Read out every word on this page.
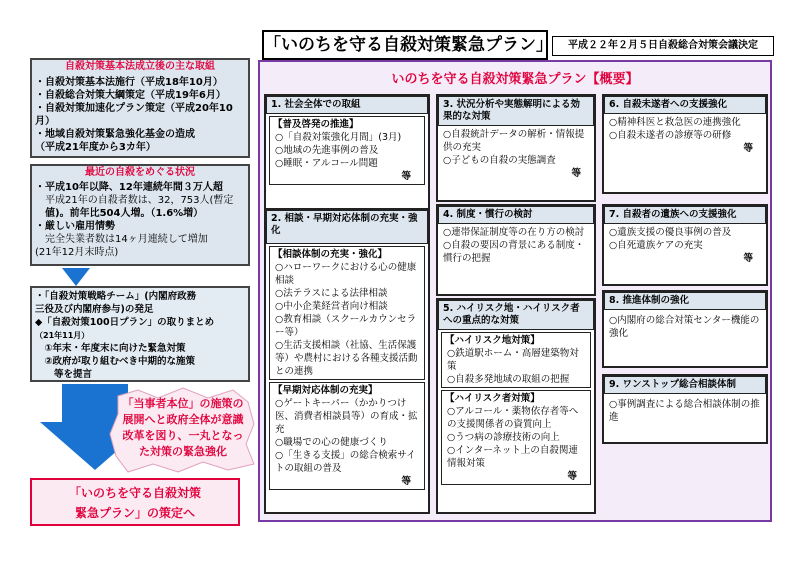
「いのちを守る自殺対策緊急プラン」	平成２２年２月５日自殺総合対策会議決定
自殺対策基本法成立後の主な取組
・自殺対策基本法施行（平成18年10月）
・自殺総合対策大綱策定（平成19年6月）
・自殺対策加速化プラン策定（平成20年10月）
・地域自殺対策緊急強化基金の造成
（平成21年度から3カ年）
最近の自殺をめぐる状況
・平成10年以降、12年連続年間３万人超
　平成21年の自殺者数は、32，753人(暫定
　値)。前年比504人増。（1.6%増）
・厳しい雇用情勢
　完全失業者数は14ヶ月連続して増加
(21年12月末時点)
・「自殺対策戦略チーム」(内閣府政務
三役及び内閣府参与)の発足
◆「自殺対策100日プラン」の取りまとめ
（21年11月）
　①年末・年度末に向けた緊急対策
　②政府が取り組むべき中期的な施策
　　等を提言
「当事者本位」の施策の展開へと政府全体が意識改革を図り、一丸となった対策の緊急強化
「いのちを守る自殺対策
緊急プラン」の策定へ
いのちを守る自殺対策緊急プラン【概要】
1. 社会全体での取組
【普及啓発の推進】
○「自殺対策強化月間」(3月)
○地域の先進事例の普及
○睡眠・アルコール問題
等
2. 相談・早期対応体制の充実・強化
【相談体制の充実・強化】
○ハローワークにおける心の健康相談
○法テラスによる法律相談
○中小企業経営者向け相談
○教育相談（スクールカウンセラー等）
○生活支援相談（社協、生活保護等）や農村における各種支援活動との連携
【早期対応体制の充実】
○ゲートキーパー（かかりつけ医、消費者相談員等）の育成・拡充
○職場での心の健康づくり
○「生きる支援」の総合検索サイトの取組の普及
等
3. 状況分析や実態解明による効果的な対策
○自殺統計データの解析・情報提供の充実
○子どもの自殺の実態調査
等
4. 制度・慣行の検討
○連帯保証制度等の在り方の検討
○自殺の要因の背景にある制度・慣行の把握
5. ハイリスク地・ハイリスク者への重点的な対策
【ハイリスク地対策】
○鉄道駅ホーム・高層建築物対策
○自殺多発地域の取組の把握
【ハイリスク者対策】
○アルコール・薬物依存者等への支援関係者の資質向上
○うつ病の診療技術の向上
○インターネット上の自殺関連情報対策
等
6. 自殺未遂者への支援強化
○精神科医と救急医の連携強化
○自殺未遂者の診療等の研修
等
7. 自殺者の遺族への支援強化
○遺族支援の優良事例の普及
○自死遺族ケアの充実
等
8. 推進体制の強化
○内閣府の総合対策センター機能の強化
9. ワンストップ総合相談体制
○事例調査による総合相談体制の推進
